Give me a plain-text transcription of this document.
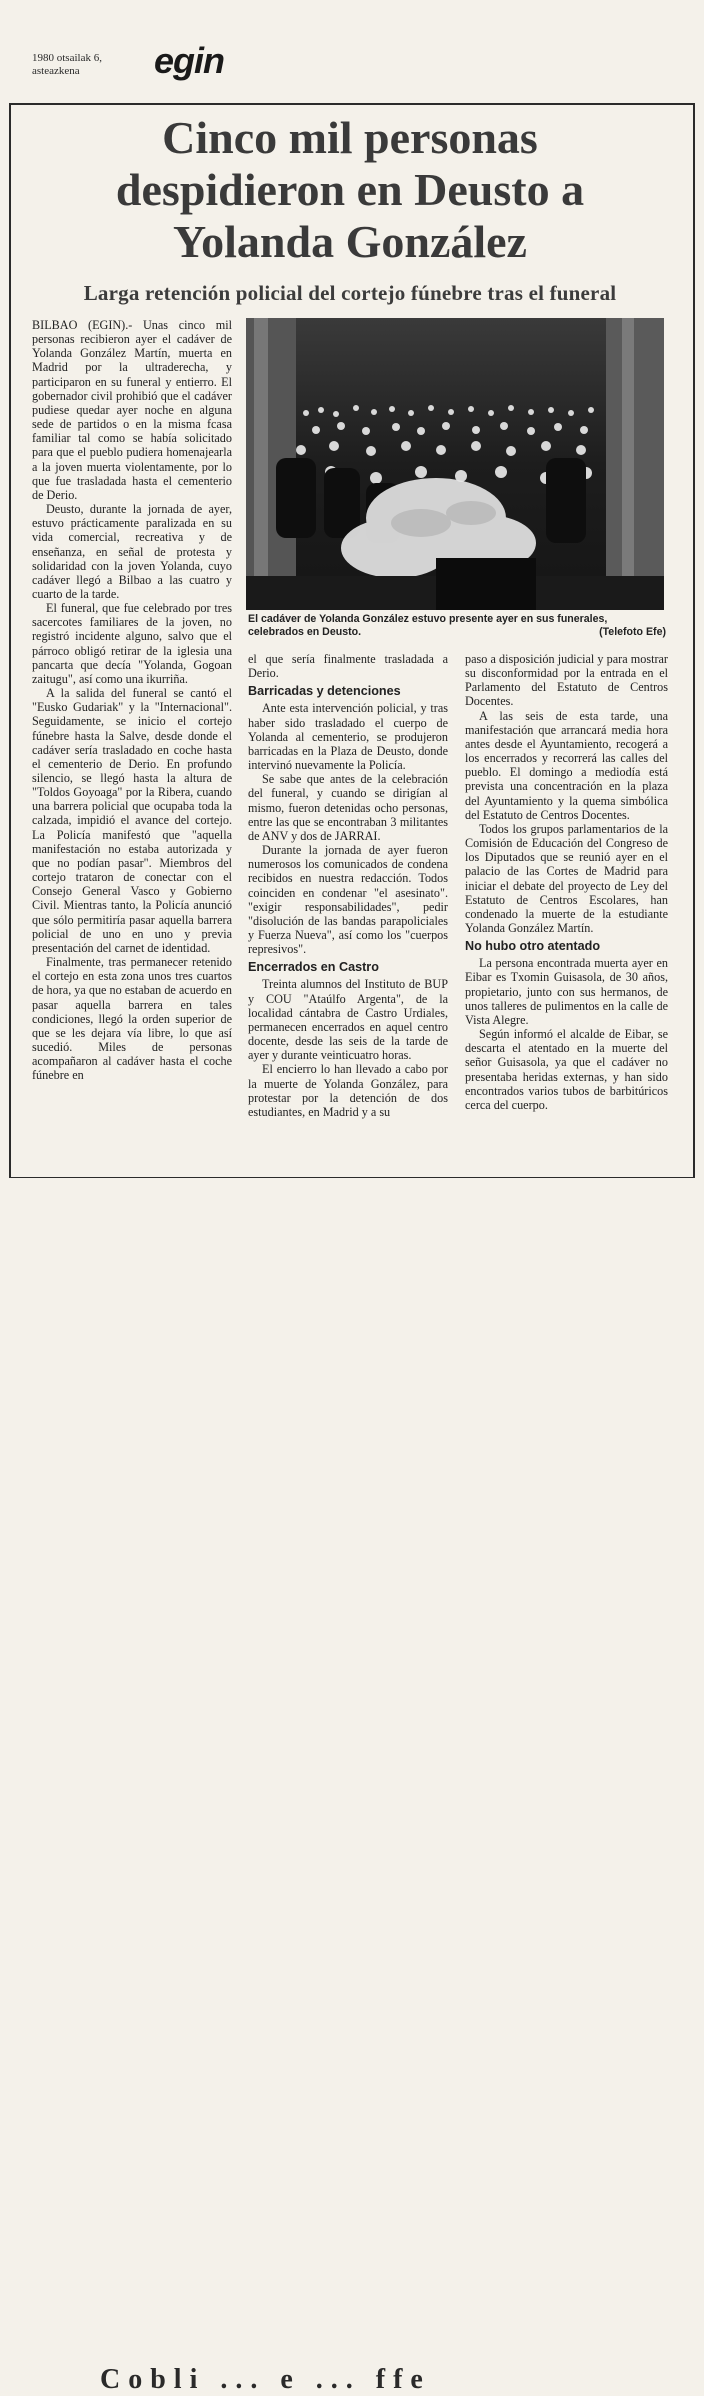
1980 otsailak 6,
asteazkena	egin
Cinco mil personas
despidieron en Deusto a
Yolanda González
Larga retención policial del cortejo fúnebre tras el funeral

BILBAO (EGIN).- Unas cinco mil personas recibieron ayer el cadáver de Yolanda González Martín, muerta en Madrid por la ultraderecha, y participaron en su funeral y entierro. El gobernador civil prohibió que el cadáver pudiese quedar ayer noche en alguna sede de partidos o en la misma fcasa familiar tal como se había solicitado para que el pueblo pudiera homenajearla a la joven muerta violentamente, por lo que fue trasladada hasta el cementerio de Derio.

Deusto, durante la jornada de ayer, estuvo prácticamente paralizada en su vida comercial, recreativa y de enseñanza, en señal de protesta y solidaridad con la joven Yolanda, cuyo cadáver llegó a Bilbao a las cuatro y cuarto de la tarde.

El funeral, que fue celebrado por tres sacercotes familiares de la joven, no registró incidente alguno, salvo que el párroco obligó retirar de la iglesia una pancarta que decía "Yolanda, Gogoan zaitugu", así como una ikurriña.

A la salida del funeral se cantó el "Eusko Gudariak" y la "Internacional". Seguidamente, se inicio el cortejo fúnebre hasta la Salve, desde donde el cadáver sería trasladado en coche hasta el cementerio de Derio. En profundo silencio, se llegó hasta la altura de "Toldos Goyoaga" por la Ribera, cuando una barrera policial que ocupaba toda la calzada, impidió el avance del cortejo. La Policía manifestó que "aquella manifestación no estaba autorizada y que no podían pasar". Miembros del cortejo trataron de conectar con el Consejo General Vasco y Gobierno Civil. Mientras tanto, la Policía anunció que sólo permitiría pasar aquella barrera policial de uno en uno y previa presentación del carnet de identidad.

Finalmente, tras permanecer retenido el cortejo en esta zona unos tres cuartos de hora, ya que no estaban de acuerdo en pasar aquella barrera en tales condiciones, llegó la orden superior de que se les dejara vía libre, lo que así sucedió. Miles de personas acompañaron al cadáver hasta el coche fúnebre en

El cadáver de Yolanda González estuvo presente ayer en sus funerales, celebrados en Deusto.	(Telefoto Efe)

el que sería finalmente trasladada a Derio.

Barricadas y detenciones

Ante esta intervención policial, y tras haber sido trasladado el cuerpo de Yolanda al cementerio, se produjeron barricadas en la Plaza de Deusto, donde intervinó nuevamente la Policía.

Se sabe que antes de la celebración del funeral, y cuando se dirigían al mismo, fueron detenidas ocho personas, entre las que se encontraban 3 militantes de ANV y dos de JARRAI.

Durante la jornada de ayer fueron numerosos los comunicados de condena recibidos en nuestra redacción. Todos coinciden en condenar "el asesinato". "exigir responsabilidades", pedir "disolución de las bandas parapoliciales y Fuerza Nueva", así como los "cuerpos represivos".

Encerrados en Castro

Treinta alumnos del Instituto de BUP y COU "Ataúlfo Argenta", de la localidad cántabra de Castro Urdiales, permanecen encerrados en aquel centro docente, desde las seis de la tarde de ayer y durante veinticuatro horas.

El encierro lo han llevado a cabo por la muerte de Yolanda González, para protestar por la detención de dos estudiantes, en Madrid y a su

paso a disposición judicial y para mostrar su disconformidad por la entrada en el Parlamento del Estatuto de Centros Docentes.

A las seis de esta tarde, una manifestación que arrancará media hora antes desde el Ayuntamiento, recogerá a los encerrados y recorrerá las calles del pueblo. El domingo a mediodía está prevista una concentración en la plaza del Ayuntamiento y la quema simbólica del Estatuto de Centros Docentes.

Todos los grupos parlamentarios de la Comisión de Educación del Congreso de los Diputados que se reunió ayer en el palacio de las Cortes de Madrid para iniciar el debate del proyecto de Ley del Estatuto de Centros Escolares, han condenado la muerte de la estudiante Yolanda González Martín.

No hubo otro atentado

La persona encontrada muerta ayer en Eibar es Txomin Guisasola, de 30 años, propietario, junto con sus hermanos, de unos talleres de pulimentos en la calle de Vista Alegre.

Según informó el alcalde de Eibar, se descarta el atentado en la muerte del señor Guisasola, ya que el cadáver no presentaba heridas externas, y han sido encontrados varios tubos de barbitúricos cerca del cuerpo.

Cobli ... e ... ffe
